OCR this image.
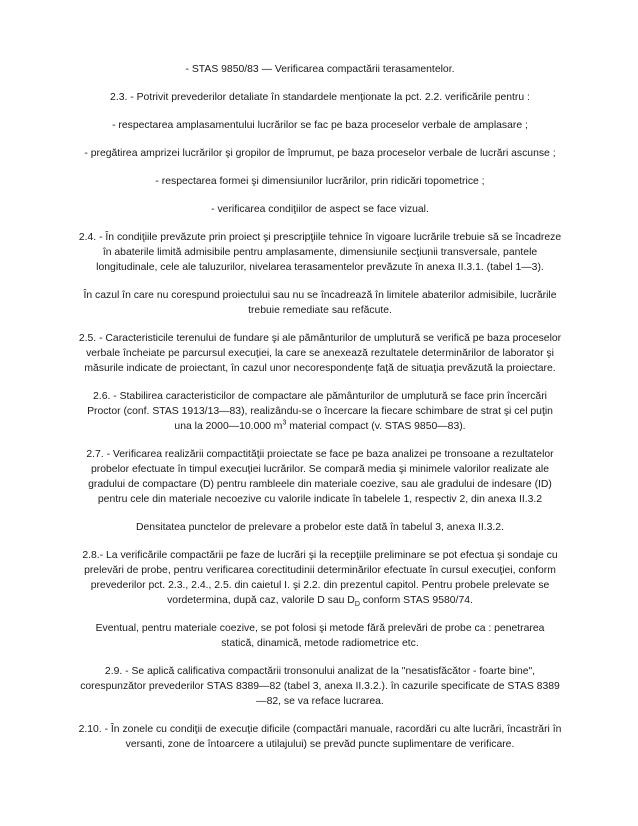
- STAS 9850/83 — Verificarea compactării terasamentelor.

2.3. - Potrivit prevederilor detaliate în standardele menţionate la pct. 2.2. verificările pentru :

- respectarea amplasamentului lucrărilor se fac pe baza proceselor verbale de amplasare ;

- pregătirea amprizei lucrărilor şi gropilor de împrumut, pe baza proceselor verbale de lucrări ascunse ;

- respectarea formei şi dimensiunilor lucrărilor, prin ridicări topometrice ;

- verificarea condiţiilor de aspect se face vizual.

2.4. - În condiţiile prevăzute prin proiect şi prescripţiile tehnice în vigoare lucrările trebuie să se încadreze în abaterile limită admisibile pentru amplasamente, dimensiunile secţiunii transversale, pantele longitudinale, cele ale taluzurilor, nivelarea terasamentelor prevăzute în anexa II.3.1. (tabel 1—3).

În cazul în care nu corespund proiectului sau nu se încadrează în limitele abaterilor admisibile, lucrările trebuie remediate sau refăcute.

2.5. - Caracteristicile terenului de fundare şi ale pământurilor de umplutură se verifică pe baza proceselor verbale încheiate pe parcursul execuţiei, la care se anexează rezultatele determinărilor de laborator şi măsurile indicate de proiectant, în cazul unor necorespondenţe faţă de situaţia prevăzută la proiectare.

2.6. - Stabilirea caracteristicilor de compactare ale pământurilor de umplutură se face prin încercări Proctor (conf. STAS 1913/13—83), realizându-se o încercare la fiecare schimbare de strat şi cel puţin una la 2000—10.000 $m^3$ material compact (v. STAS 9850—83).

2.7. - Verificarea realizării compactităţii proiectate se face pe baza analizei pe tronsoane a rezultatelor probelor efectuate în timpul execuţiei lucrărilor. Se compară media şi minimele valorilor realizate ale gradului de compactare (D) pentru rambleele din materiale coezive, sau ale gradului de indesare (ID) pentru cele din materiale necoezive cu valorile indicate în tabelele 1, respectiv 2, din anexa II.3.2

Densitatea punctelor de prelevare a probelor este dată în tabelul 3, anexa II.3.2.

2.8.- La verificările compactării pe faze de lucrări şi la recepţiile preliminare se pot efectua şi sondaje cu prelevări de probe, pentru verificarea corectitudinii determinărilor efectuate în cursul execuţiei, conform prevederilor pct. 2.3., 2.4., 2.5. din caietul I. şi 2.2. din prezentul capitol. Pentru probele prelevate se vordetermina, după caz, valorile D sau $D_D$ conform STAS 9580/74.

Eventual, pentru materiale coezive, se pot folosi şi metode fără prelevări de probe ca : penetrarea statică, dinamică, metode radiometrice etc.

2.9. - Se aplică calificativa compactării tronsonului analizat de la "nesatisfăcător - foarte bine", corespunzător prevederilor STAS 8389—82 (tabel 3, anexa II.3.2.). în cazurile specificate de STAS 8389—82, se va reface lucrarea.

2.10. - În zonele cu condiţii de execuţie dificile (compactări manuale, racordări cu alte lucrări, încastrări în versanti, zone de întoarcere a utilajului) se prevăd puncte suplimentare de verificare.
